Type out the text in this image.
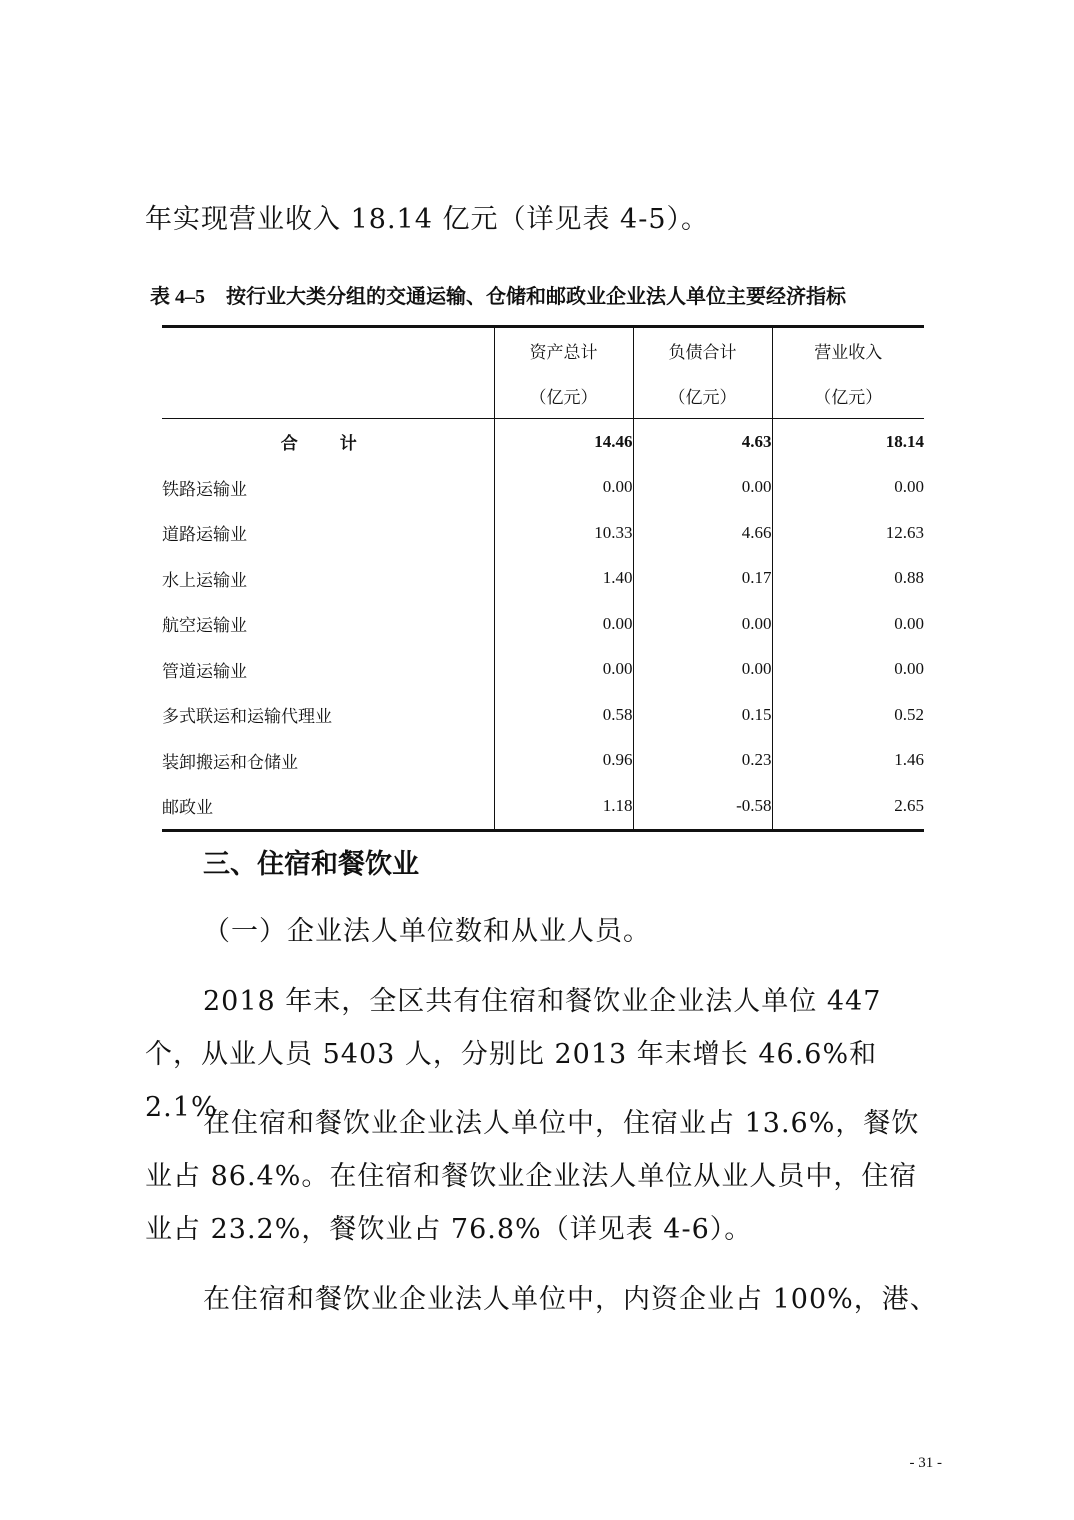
年实现营业收入 18.14 亿元（详见表 4-5）。

表 4–5 按行业大类分组的交通运输、仓储和邮政业企业法人单位主要经济指标
	资产总计	负债合计	营业收入
	（亿元）	（亿元）	（亿元）
合 计	14.46	4.63	18.14
铁路运输业	0.00	0.00	0.00
道路运输业	10.33	4.66	12.63
水上运输业	1.40	0.17	0.88
航空运输业	0.00	0.00	0.00
管道运输业	0.00	0.00	0.00
多式联运和运输代理业	0.58	0.15	0.52
装卸搬运和仓储业	0.96	0.23	1.46
邮政业	1.18	-0.58	2.65
三、住宿和餐饮业

（一）企业法人单位数和从业人员。

2018 年末，全区共有住宿和餐饮业企业法人单位 447 个，从业人员 5403 人，分别比 2013 年末增长 46.6%和 2.1%。

在住宿和餐饮业企业法人单位中，住宿业占 13.6%，餐饮业占 86.4%。在住宿和餐饮业企业法人单位从业人员中，住宿业占 23.2%，餐饮业占 76.8%（详见表 4-6）。

在住宿和餐饮业企业法人单位中，内资企业占 100%，港、

- 31 -
